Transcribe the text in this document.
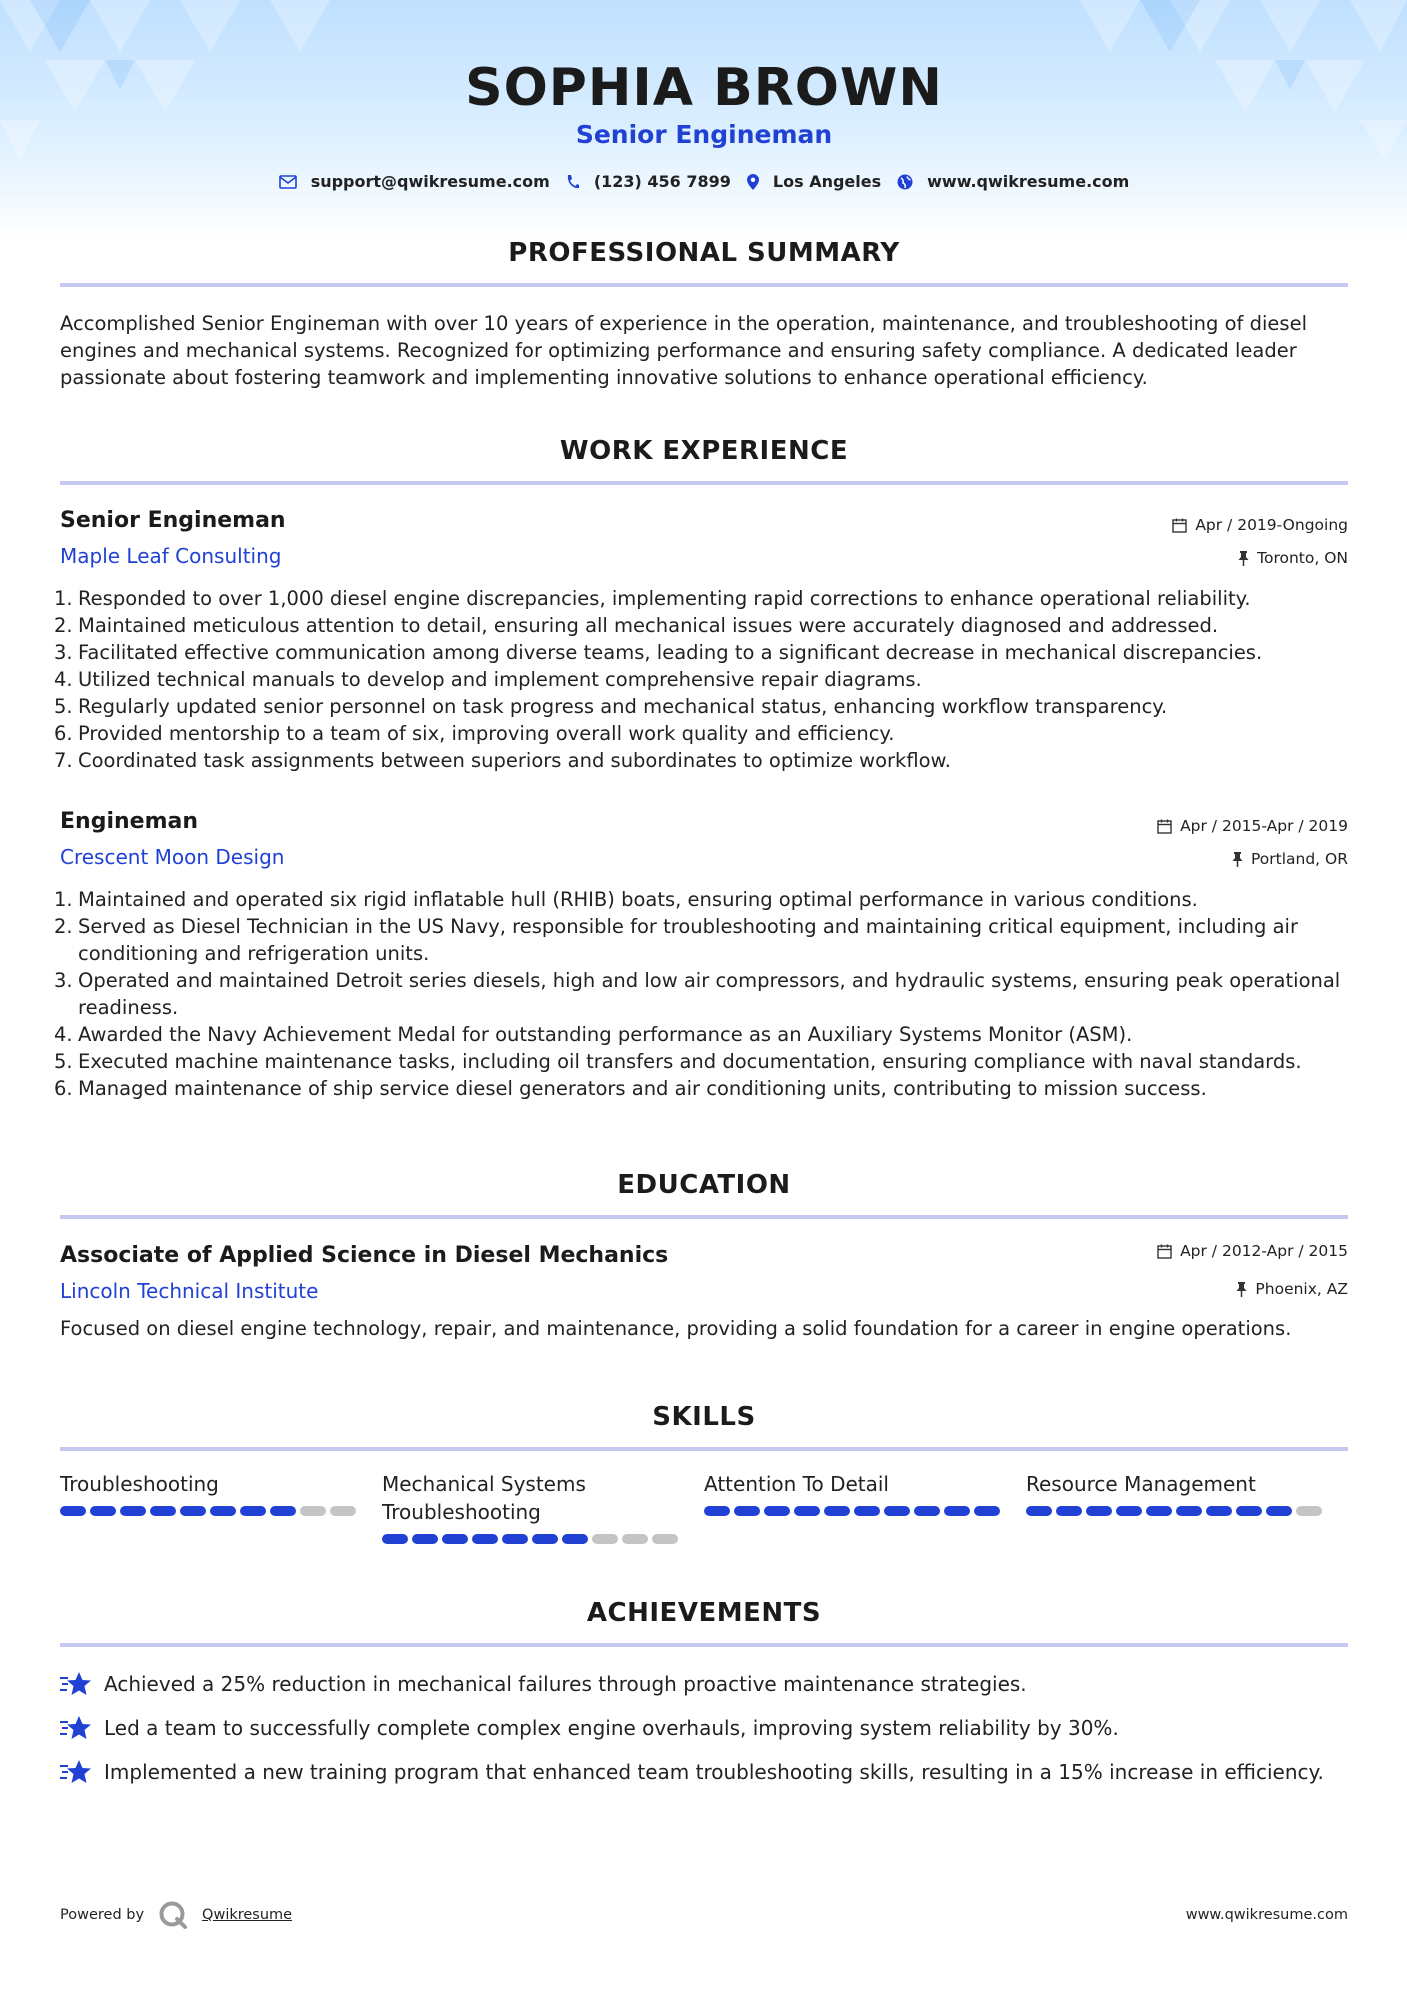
SOPHIA BROWN
Senior Engineman
support@qwikresume.com	(123) 456 7899	Los Angeles	www.qwikresume.com
PROFESSIONAL SUMMARY
Accomplished Senior Engineman with over 10 years of experience in the operation, maintenance, and troubleshooting of diesel engines and mechanical systems. Recognized for optimizing performance and ensuring safety compliance. A dedicated leader passionate about fostering teamwork and implementing innovative solutions to enhance operational efficiency.
WORK EXPERIENCE
Senior Engineman	Apr / 2019-Ongoing
Maple Leaf Consulting	Toronto, ON
1. Responded to over 1,000 diesel engine discrepancies, implementing rapid corrections to enhance operational reliability.
2. Maintained meticulous attention to detail, ensuring all mechanical issues were accurately diagnosed and addressed.
3. Facilitated effective communication among diverse teams, leading to a significant decrease in mechanical discrepancies.
4. Utilized technical manuals to develop and implement comprehensive repair diagrams.
5. Regularly updated senior personnel on task progress and mechanical status, enhancing workflow transparency.
6. Provided mentorship to a team of six, improving overall work quality and efficiency.
7. Coordinated task assignments between superiors and subordinates to optimize workflow.
Engineman	Apr / 2015-Apr / 2019
Crescent Moon Design	Portland, OR
1. Maintained and operated six rigid inflatable hull (RHIB) boats, ensuring optimal performance in various conditions.
2. Served as Diesel Technician in the US Navy, responsible for troubleshooting and maintaining critical equipment, including air conditioning and refrigeration units.
3. Operated and maintained Detroit series diesels, high and low air compressors, and hydraulic systems, ensuring peak operational readiness.
4. Awarded the Navy Achievement Medal for outstanding performance as an Auxiliary Systems Monitor (ASM).
5. Executed machine maintenance tasks, including oil transfers and documentation, ensuring compliance with naval standards.
6. Managed maintenance of ship service diesel generators and air conditioning units, contributing to mission success.
EDUCATION
Associate of Applied Science in Diesel Mechanics	Apr / 2012-Apr / 2015
Lincoln Technical Institute	Phoenix, AZ
Focused on diesel engine technology, repair, and maintenance, providing a solid foundation for a career in engine operations.
SKILLS
Troubleshooting	Mechanical Systems Troubleshooting
Attention To Detail	Resource Management
ACHIEVEMENTS
Achieved a 25% reduction in mechanical failures through proactive maintenance strategies.
Led a team to successfully complete complex engine overhauls, improving system reliability by 30%.
Implemented a new training program that enhanced team troubleshooting skills, resulting in a 15% increase in efficiency.
Powered by	Qwikresume	www.qwikresume.com
